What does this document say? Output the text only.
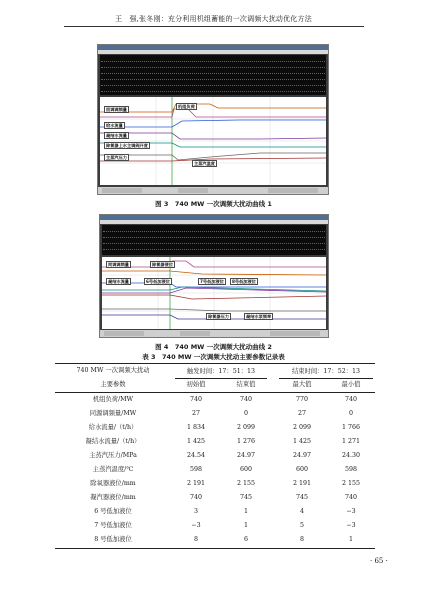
王　强,张冬刚：充分利用机组蓄能的一次调频大扰动优化方法
回调调频量
机组负荷
给水流量
凝结水流量
除氧器上水主调阀开度
主蒸汽压力
主蒸汽温度
图 3　740 MW 一次调频大扰动曲线 1
同调调频量	除氧器液位
凝结水流量	6号低加液位	7号低加液位	8号低加液位
除氧器压力	凝结水泵频率
图 4　740 MW 一次调频大扰动曲线 2
表 3　740 MW 一次调频大扰动主要参数记录表
740 MW 一次调频大扰动
主要参数
触发时间：17：51：13	结束时间：17：52：13
初始值	结束值	最大值	最小值
机组负荷/MW	740	740	770	740
同源调频量/MW	27	0	27	0
给水流量/（t/h）	1 834	2 099	2 099	1 766
凝结水流量/（t/h）	1 425	1 276	1 425	1 271
主蒸汽压力/MPa	24.54	24.97	24.97	24.30
主蒸汽温度/℃	598	600	600	598
除氧器液位/mm	2 191	2 155	2 191	2 155
凝汽器液位/mm	740	745	745	740
6 号低加液位	3	1	4	−3
7 号低加液位	−3	1	5	−3
8 号低加液位	8	6	8	1
· 65 ·
